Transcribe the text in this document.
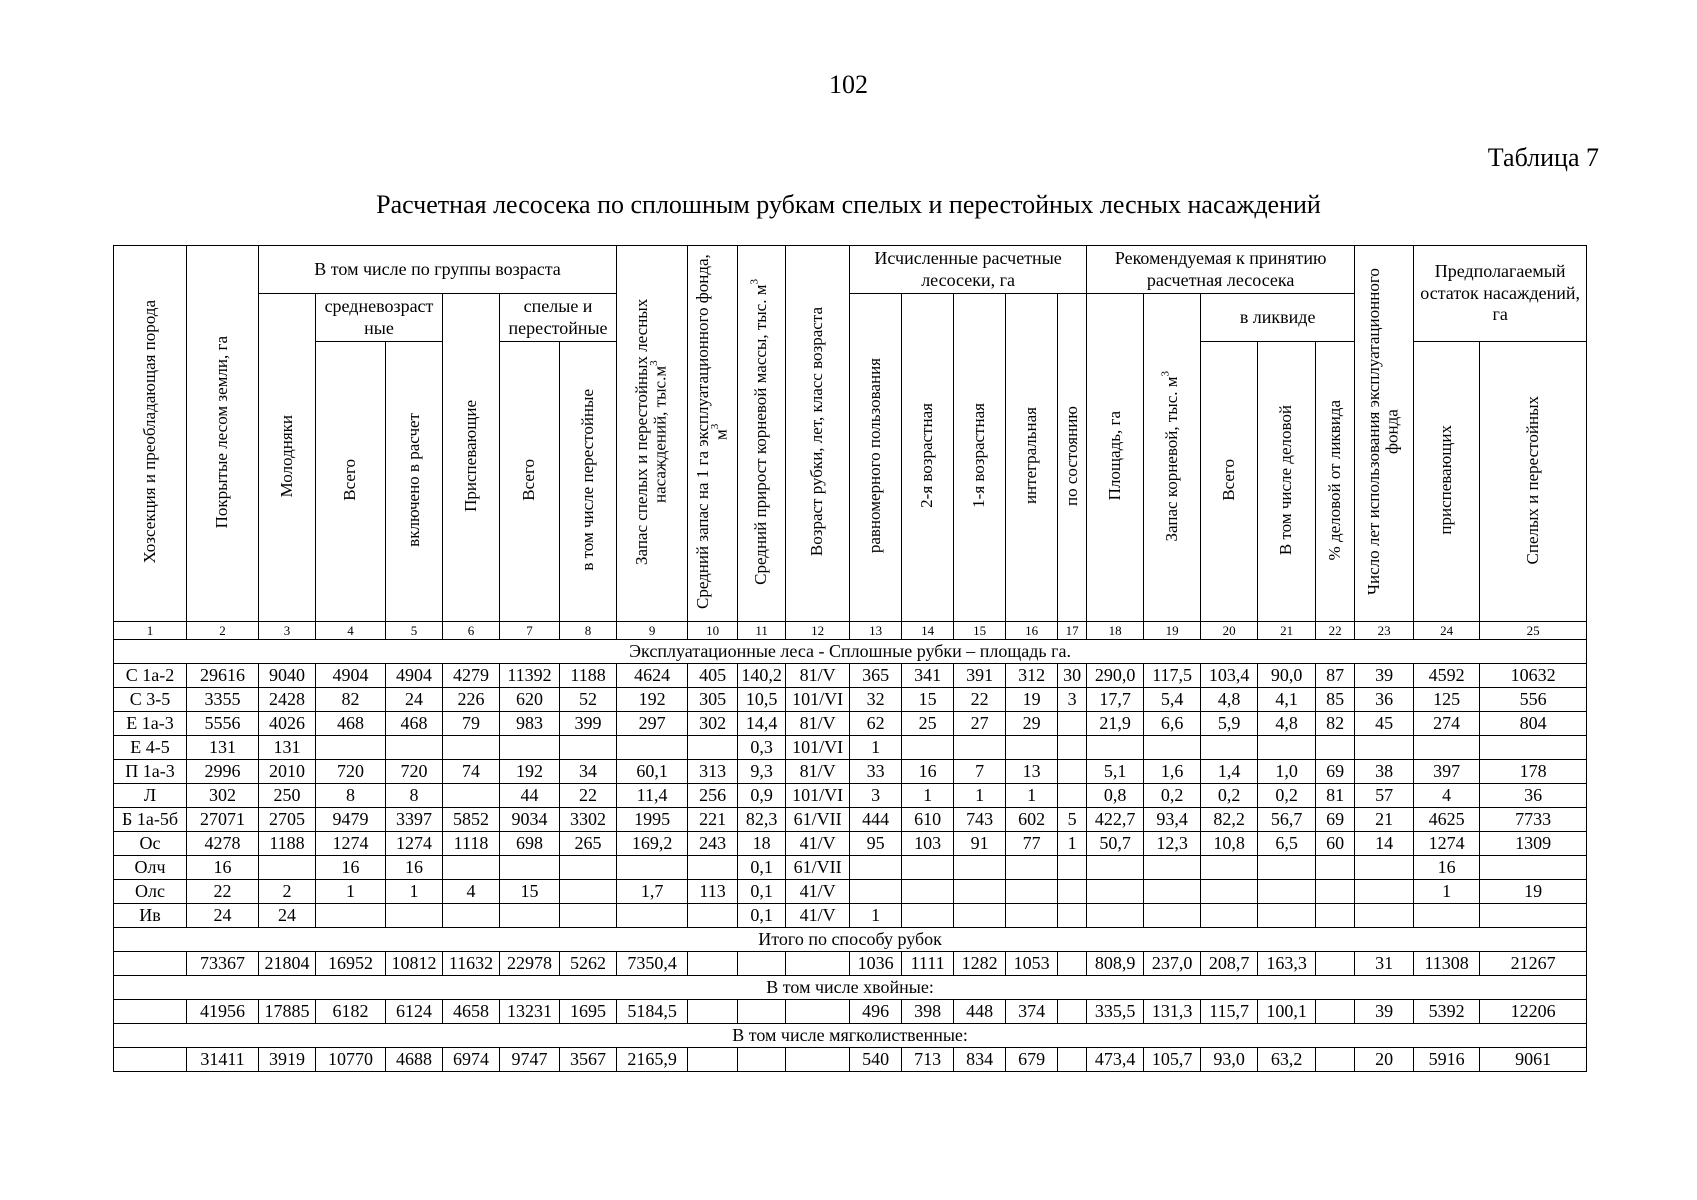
102
Таблица 7
Расчетная лесосека по сплошным рубкам спелых и перестойных лесных насаждений
Хозсекция и преобладающая порода	Покрытые лесом земли, га	В том числе по группы возраста						Запас спелых и перестойных лесных насаждений, $тыс.м^3$	Средний запас на 1 га эксплуатационного фонда, $м^3$	Средний прирост корневой массы, тыс. $м^3$	Возраст рубки, лет, класс возраста	Исчисленные расчетные лесосеки, га					Рекомендуемая к принятию расчетная лесосека					Число лет использования эксплуатационного фонда	Предполагаемый остаток насаждений, га	
		Молодняки	средневозраст ные		Приспевающие	спелые и перестойные						равномерного пользования	2-я возрастная	1-я возрастная	интегральная	по состоянию	Площадь, га	Запас корневой, тыс. $м^3$	в ликвиде					
			Всего	включено в расчет		Всего	в том числе перестойные												Всего	В том числе деловой	% деловой от ликвида		приспевающих	Спелых и перестойных
1	2	3	4	5	6	7	8	9	10	11	12	13	14	15	16	17	18	19	20	21	22	23	24	25
Эксплуатационные леса - Сплошные рубки – площадь га.																								
С 1а-2	29616	9040	4904	4904	4279	11392	1188	4624	405	140,2	81/V	365	341	391	312	30	290,0	117,5	103,4	90,0	87	39	4592	10632
С 3-5	3355	2428	82	24	226	620	52	192	305	10,5	101/VI	32	15	22	19	3	17,7	5,4	4,8	4,1	85	36	125	556
Е 1а-3	5556	4026	468	468	79	983	399	297	302	14,4	81/V	62	25	27	29		21,9	6,6	5,9	4,8	82	45	274	804
Е 4-5	131	131								0,3	101/VI	1												
П 1а-3	2996	2010	720	720	74	192	34	60,1	313	9,3	81/V	33	16	7	13		5,1	1,6	1,4	1,0	69	38	397	178
Л	302	250	8	8		44	22	11,4	256	0,9	101/VI	3	1	1	1		0,8	0,2	0,2	0,2	81	57	4	36
Б 1а-5б	27071	2705	9479	3397	5852	9034	3302	1995	221	82,3	61/VII	444	610	743	602	5	422,7	93,4	82,2	56,7	69	21	4625	7733
Ос	4278	1188	1274	1274	1118	698	265	169,2	243	18	41/V	95	103	91	77	1	50,7	12,3	10,8	6,5	60	14	1274	1309
Олч	16		16	16						0,1	61/VII												16	
Олс	22	2	1	1	4	15		1,7	113	0,1	41/V												1	19
Ив	24	24								0,1	41/V	1												
Итого по способу рубок																								
	73367	21804	16952	10812	11632	22978	5262	7350,4				1036	1111	1282	1053		808,9	237,0	208,7	163,3		31	11308	21267
В том числе хвойные:																								
	41956	17885	6182	6124	4658	13231	1695	5184,5				496	398	448	374		335,5	131,3	115,7	100,1		39	5392	12206
В том числе мягколиственные:																								
	31411	3919	10770	4688	6974	9747	3567	2165,9				540	713	834	679		473,4	105,7	93,0	63,2		20	5916	9061
